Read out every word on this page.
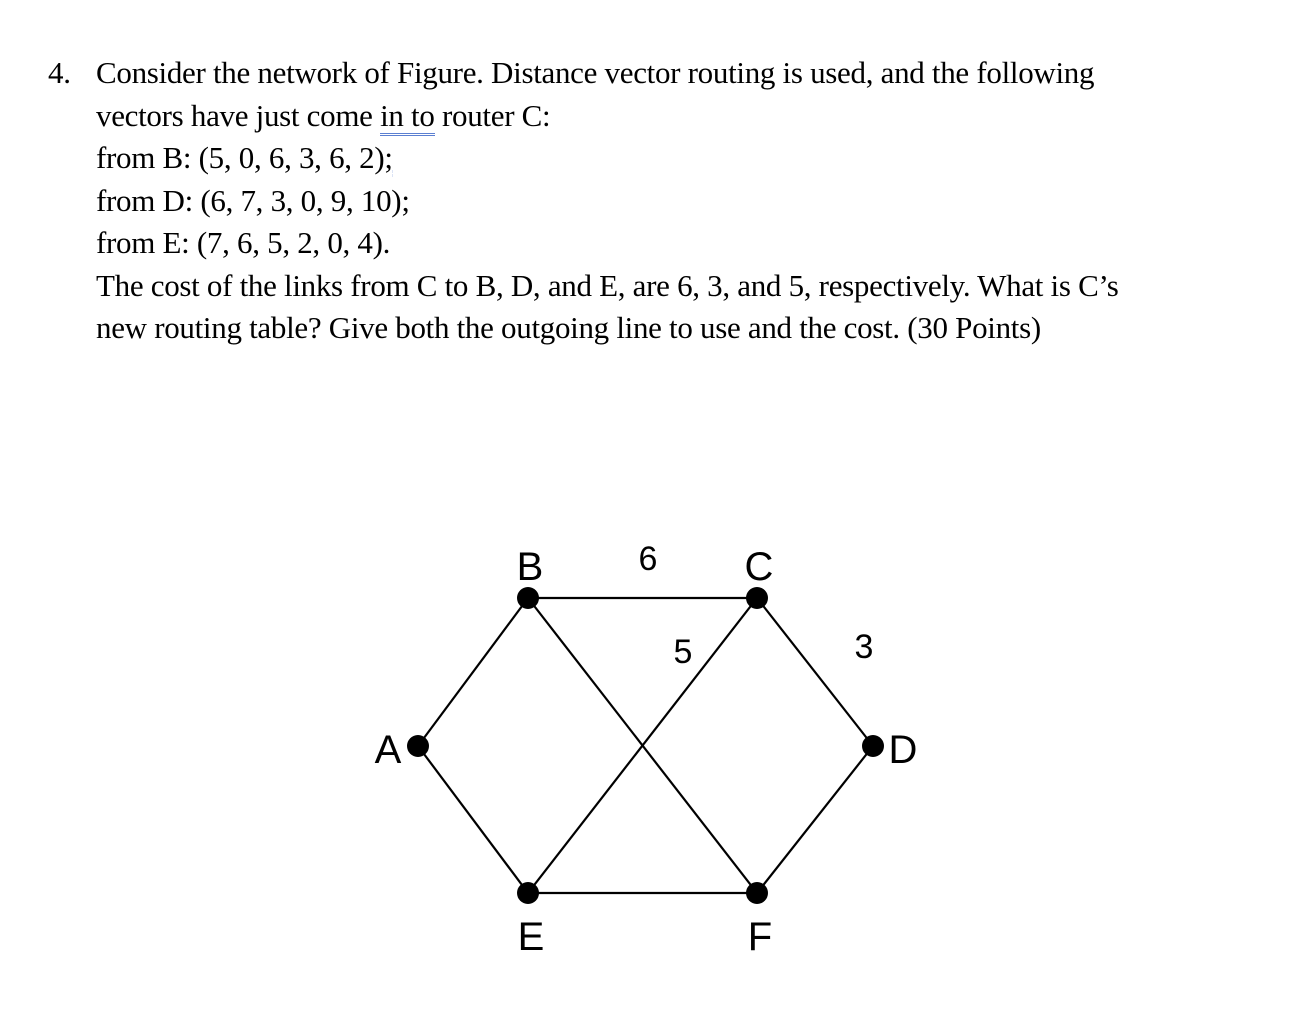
4. Consider the network of Figure. Distance vector routing is used, and the following
vectors have just come in to router C:
from B: (5, 0, 6, 3, 6, 2);
from D: (6, 7, 3, 0, 9, 10);
from E: (7, 6, 5, 2, 0, 4).
The cost of the links from C to B, D, and E, are 6, 3, and 5, respectively. What is C’s
new routing table? Give both the outgoing line to use and the cost. (30 Points)
B	C
A	D
E	F
6
5	3
